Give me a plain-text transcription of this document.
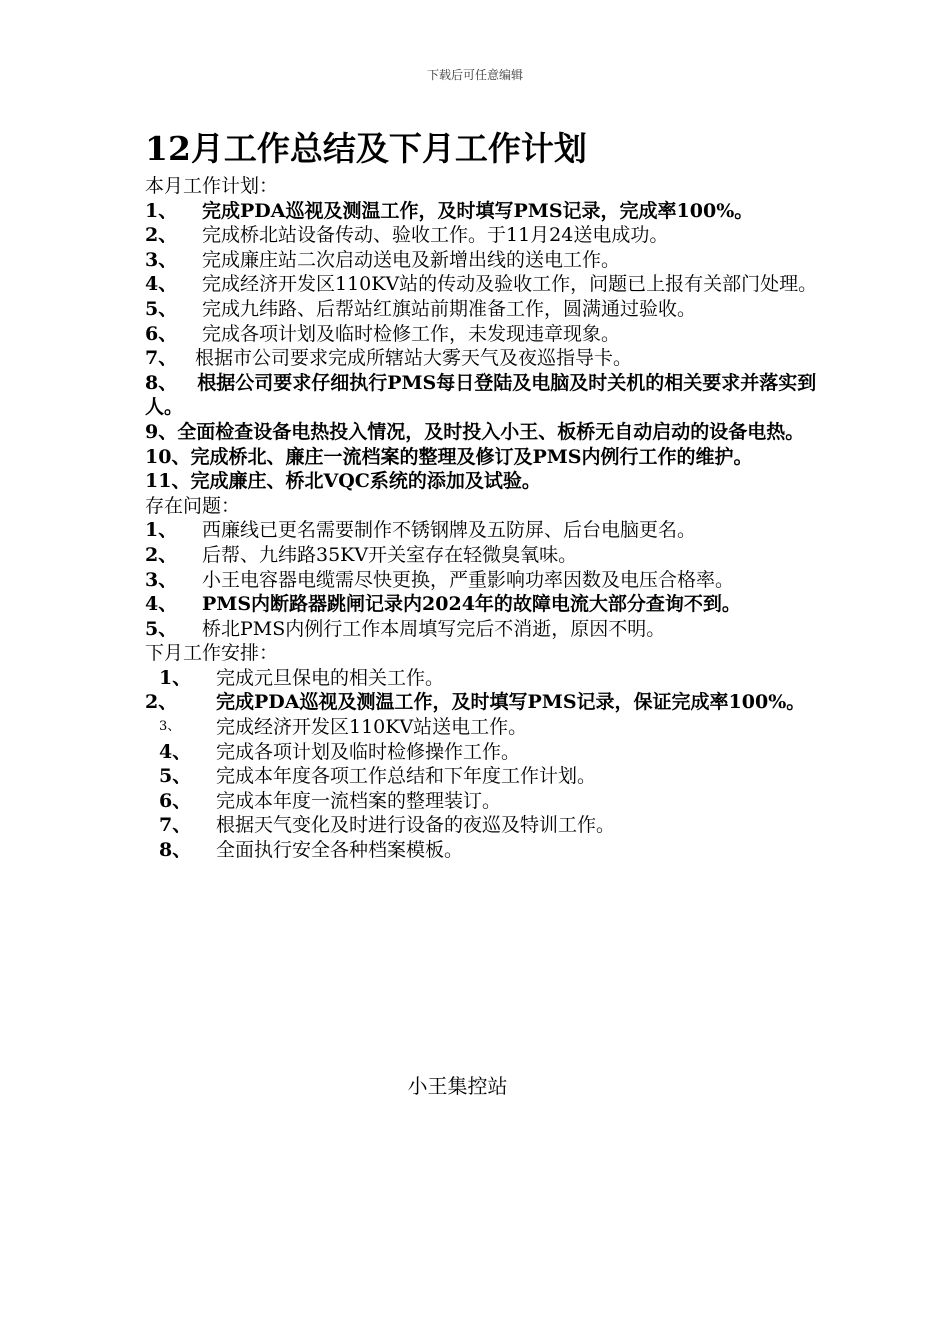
下载后可任意编辑
12月工作总结及下月工作计划
本月工作计划：
1、	完成PDA巡视及测温工作，及时填写PMS记录，完成率100%。
2、	完成桥北站设备传动、验收工作。于11月24送电成功。
3、	完成廉庄站二次启动送电及新增出线的送电工作。
4、	完成经济开发区110KV站的传动及验收工作，问题已上报有关部门处理。
5、	完成九纬路、后帮站红旗站前期准备工作，圆满通过验收。
6、	完成各项计划及临时检修工作，未发现违章现象。
7、 根据市公司要求完成所辖站大雾天气及夜巡指导卡。
8、 根据公司要求仔细执行PMS每日登陆及电脑及时关机的相关要求并落实到人。
9、全面检查设备电热投入情况，及时投入小王、板桥无自动启动的设备电热。
10、完成桥北、廉庄一流档案的整理及修订及PMS内例行工作的维护。
11、完成廉庄、桥北VQC系统的添加及试验。
存在问题：
1、	西廉线已更名需要制作不锈钢牌及五防屏、后台电脑更名。
2、	后帮、九纬路35KV开关室存在轻微臭氧味。
3、	小王电容器电缆需尽快更换，严重影响功率因数及电压合格率。
4、	PMS内断路器跳闸记录内2024年的故障电流大部分查询不到。
5、	桥北PMS内例行工作本周填写完后不消逝，原因不明。
下月工作安排：
1、	完成元旦保电的相关工作。
2、	完成PDA巡视及测温工作，及时填写PMS记录，保证完成率100%。
3、	完成经济开发区110KV站送电工作。
4、	完成各项计划及临时检修操作工作。
5、	完成本年度各项工作总结和下年度工作计划。
6、	完成本年度一流档案的整理装订。
7、	根据天气变化及时进行设备的夜巡及特训工作。
8、	全面执行安全各种档案模板。
小王集控站
